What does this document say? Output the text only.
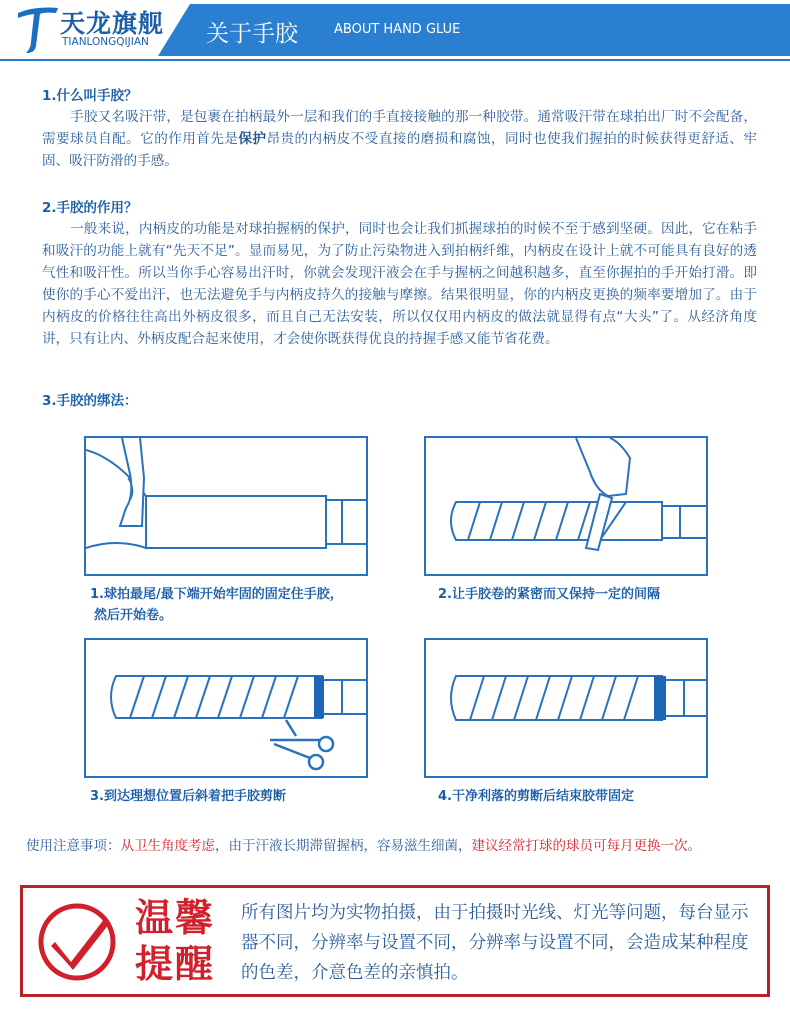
天龙旗舰
TIANLONGQIJIAN 关于手胶	ABOUT HAND GLUE
1.什么叫手胶？
手胶又名吸汗带，是包裹在拍柄最外一层和我们的手直接接触的那一种胶带。通常吸汗带在球拍出厂时不会配备，需要球员自配。它的作用首先是保护昂贵的内柄皮不受直接的磨损和腐蚀，同时也使我们握拍的时候获得更舒适、牢固、吸汗防滑的手感。
2.手胶的作用？
一般来说，内柄皮的功能是对球拍握柄的保护，同时也会让我们抓握球拍的时候不至于感到坚硬。因此，它在粘手和吸汗的功能上就有“先天不足”。显而易见，为了防止污染物进入到拍柄纤维，内柄皮在设计上就不可能具有良好的透气性和吸汗性。所以当你手心容易出汗时，你就会发现汗液会在手与握柄之间越积越多，直至你握拍的手开始打滑。即使你的手心不爱出汗，也无法避免手与内柄皮持久的接触与摩擦。结果很明显，你的内柄皮更换的频率要增加了。由于内柄皮的价格往往高出外柄皮很多，而且自己无法安装，所以仅仅用内柄皮的做法就显得有点“大头”了。从经济角度讲，只有让内、外柄皮配合起来使用，才会使你既获得优良的持握手感又能节省花费。
3.手胶的绑法：
1.球拍最尾/最下端开始牢固的固定住手胶，
然后开始卷。
2.让手胶卷的紧密而又保持一定的间隔
3.到达理想位置后斜着把手胶剪断	4.干净利落的剪断后结束胶带固定
使用注意事项：从卫生角度考虑，由于汗液长期滞留握柄，容易滋生细菌，建议经常打球的球员可每月更换一次。
温馨
提醒
所有图片均为实物拍摄，由于拍摄时光线、灯光等问题，每台显示器不同，分辨率与设置不同，分辨率与设置不同，会造成某种程度的色差，介意色差的亲慎拍。
